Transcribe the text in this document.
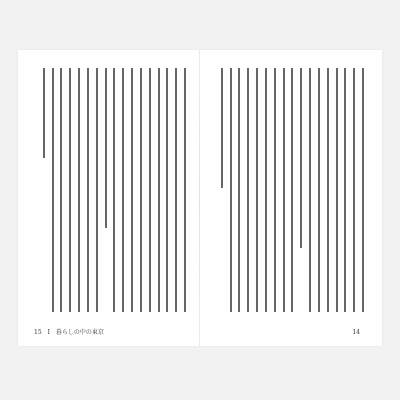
15 I 暮らしの中の東京	14
